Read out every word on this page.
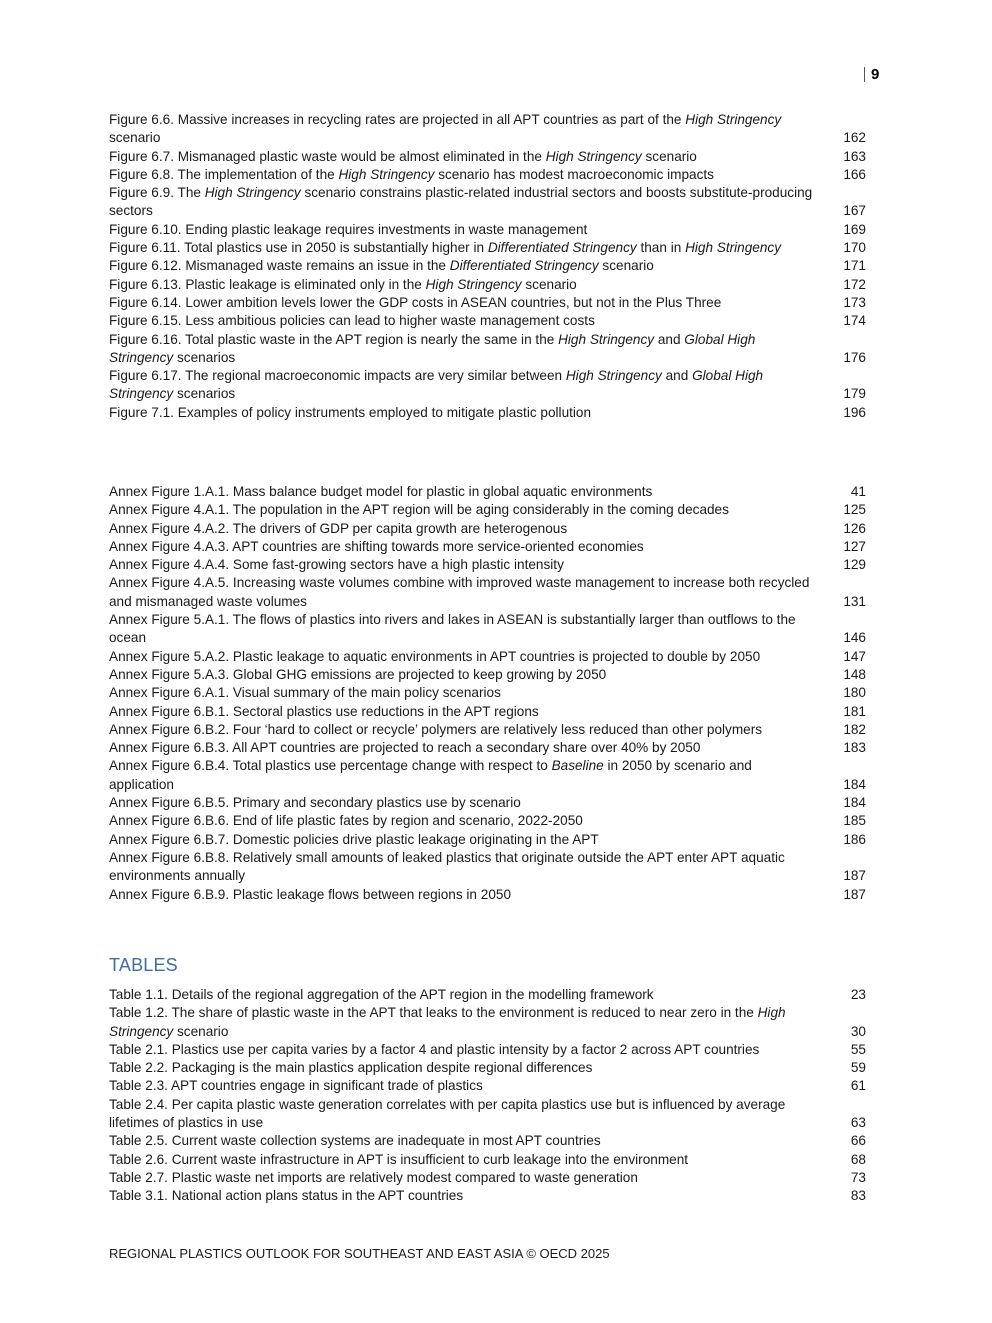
9
Figure 6.6. Massive increases in recycling rates are projected in all APT countries as part of the High Stringency scenario	162
Figure 6.7. Mismanaged plastic waste would be almost eliminated in the High Stringency scenario	163
Figure 6.8. The implementation of the High Stringency scenario has modest macroeconomic impacts	166
Figure 6.9. The High Stringency scenario constrains plastic-related industrial sectors and boosts substitute-producing sectors	167
Figure 6.10. Ending plastic leakage requires investments in waste management	169
Figure 6.11. Total plastics use in 2050 is substantially higher in Differentiated Stringency than in High Stringency	170
Figure 6.12. Mismanaged waste remains an issue in the Differentiated Stringency scenario	171
Figure 6.13. Plastic leakage is eliminated only in the High Stringency scenario	172
Figure 6.14. Lower ambition levels lower the GDP costs in ASEAN countries, but not in the Plus Three	173
Figure 6.15. Less ambitious policies can lead to higher waste management costs	174
Figure 6.16. Total plastic waste in the APT region is nearly the same in the High Stringency and Global High Stringency scenarios	176
Figure 6.17. The regional macroeconomic impacts are very similar between High Stringency and Global High Stringency scenarios	179
Figure 7.1. Examples of policy instruments employed to mitigate plastic pollution	196
Annex Figure 1.A.1. Mass balance budget model for plastic in global aquatic environments	41
Annex Figure 4.A.1. The population in the APT region will be aging considerably in the coming decades	125
Annex Figure 4.A.2. The drivers of GDP per capita growth are heterogenous	126
Annex Figure 4.A.3. APT countries are shifting towards more service-oriented economies	127
Annex Figure 4.A.4. Some fast-growing sectors have a high plastic intensity	129
Annex Figure 4.A.5. Increasing waste volumes combine with improved waste management to increase both recycled and mismanaged waste volumes	131
Annex Figure 5.A.1. The flows of plastics into rivers and lakes in ASEAN is substantially larger than outflows to the ocean	146
Annex Figure 5.A.2. Plastic leakage to aquatic environments in APT countries is projected to double by 2050	147
Annex Figure 5.A.3. Global GHG emissions are projected to keep growing by 2050	148
Annex Figure 6.A.1. Visual summary of the main policy scenarios	180
Annex Figure 6.B.1. Sectoral plastics use reductions in the APT regions	181
Annex Figure 6.B.2. Four ‘hard to collect or recycle’ polymers are relatively less reduced than other polymers	182
Annex Figure 6.B.3. All APT countries are projected to reach a secondary share over 40% by 2050	183
Annex Figure 6.B.4. Total plastics use percentage change with respect to Baseline in 2050 by scenario and application	184
Annex Figure 6.B.5. Primary and secondary plastics use by scenario	184
Annex Figure 6.B.6. End of life plastic fates by region and scenario, 2022-2050	185
Annex Figure 6.B.7. Domestic policies drive plastic leakage originating in the APT	186
Annex Figure 6.B.8. Relatively small amounts of leaked plastics that originate outside the APT enter APT aquatic environments annually	187
Annex Figure 6.B.9. Plastic leakage flows between regions in 2050	187
TABLES
Table 1.1. Details of the regional aggregation of the APT region in the modelling framework	23
Table 1.2. The share of plastic waste in the APT that leaks to the environment is reduced to near zero in the High Stringency scenario	30
Table 2.1. Plastics use per capita varies by a factor 4 and plastic intensity by a factor 2 across APT countries	55
Table 2.2. Packaging is the main plastics application despite regional differences	59
Table 2.3. APT countries engage in significant trade of plastics	61
Table 2.4. Per capita plastic waste generation correlates with per capita plastics use but is influenced by average lifetimes of plastics in use	63
Table 2.5. Current waste collection systems are inadequate in most APT countries	66
Table 2.6. Current waste infrastructure in APT is insufficient to curb leakage into the environment	68
Table 2.7. Plastic waste net imports are relatively modest compared to waste generation	73
Table 3.1. National action plans status in the APT countries	83
REGIONAL PLASTICS OUTLOOK FOR SOUTHEAST AND EAST ASIA © OECD 2025
